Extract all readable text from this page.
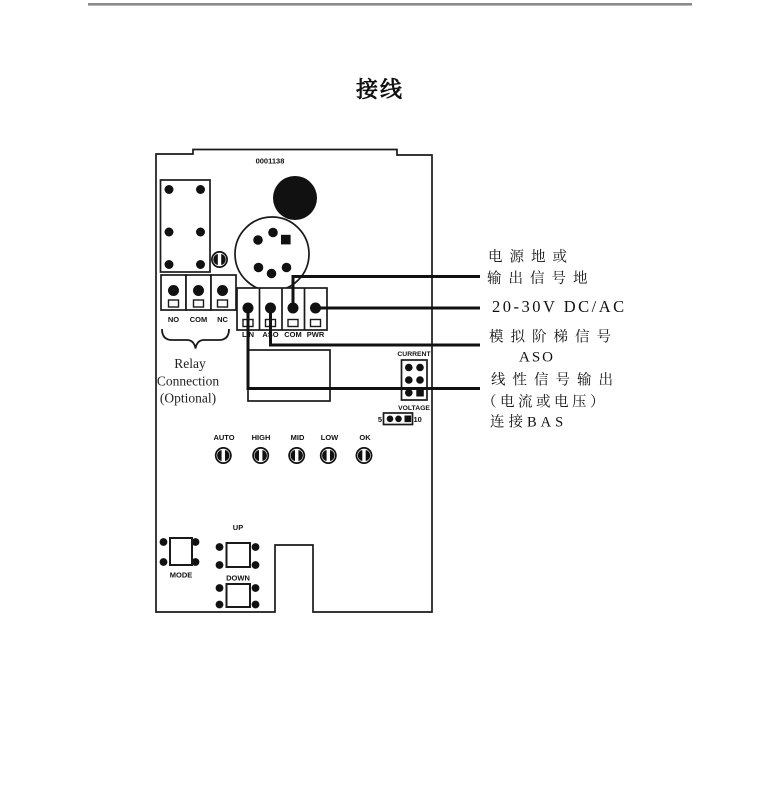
接线
0001138
NO COM NC
Relay
Connection
(Optional)
LIN ASO COM PWR
CURRENT
VOLTAGE
5	10
AUTO HIGH	MID LOW	OK
MODE
UP
DOWN
电源地或
输出信号地
20-30V DC/AC
模拟阶梯信号
ASO
线性信号输出
（电流或电压）
连接BAS
